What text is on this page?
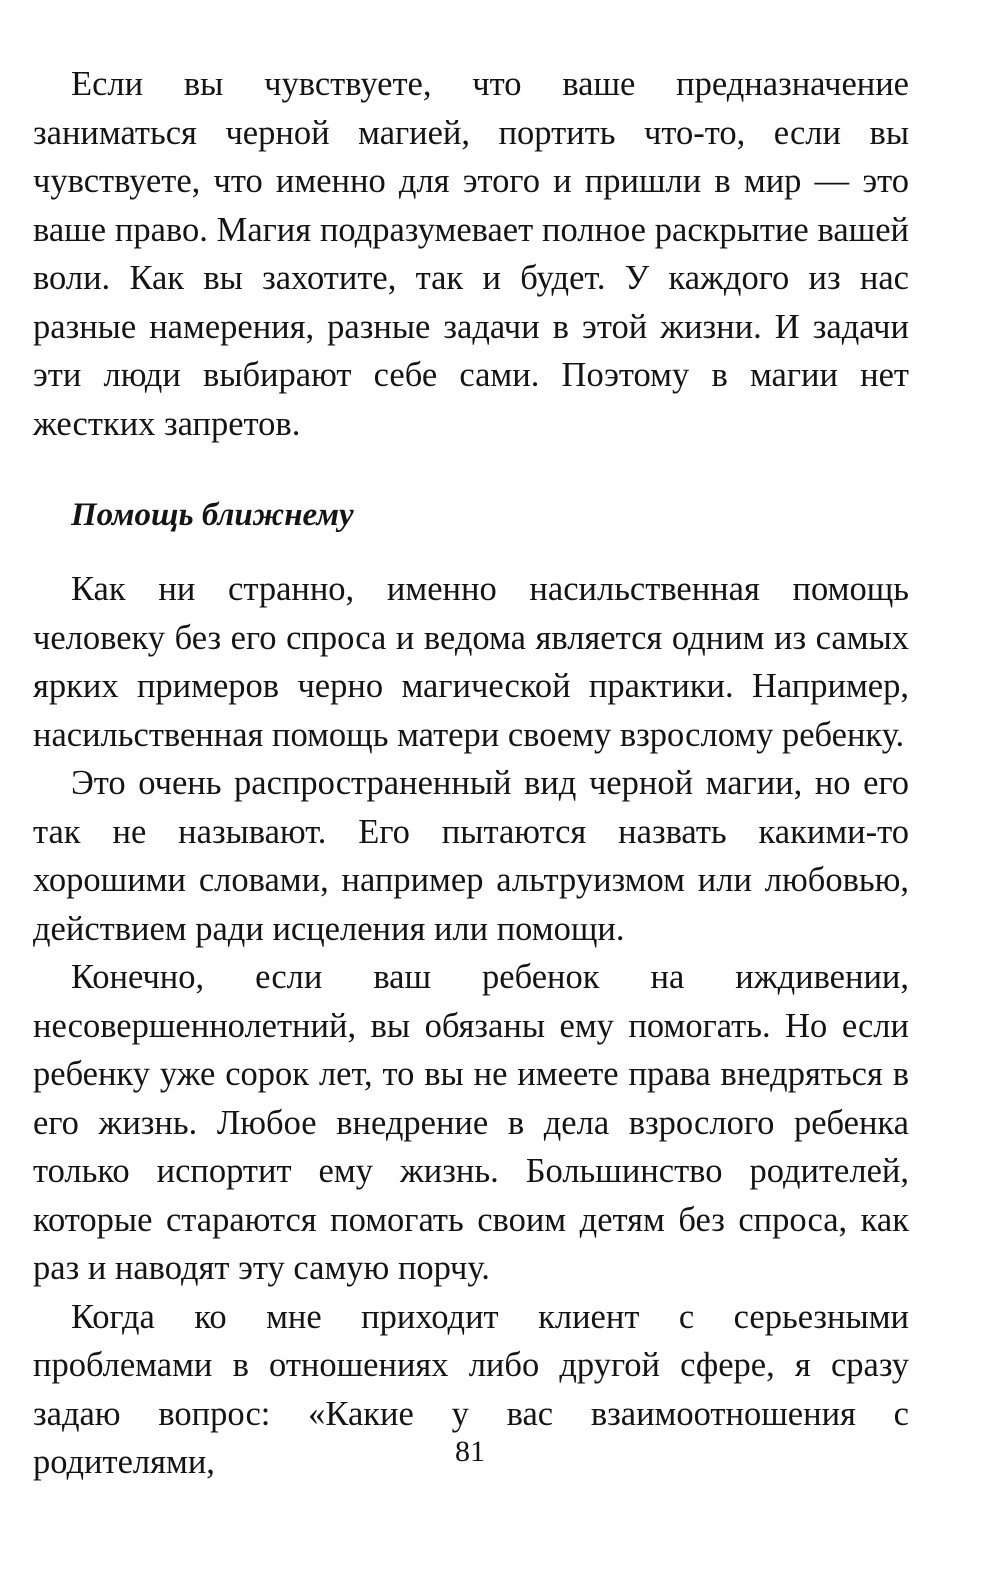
Если вы чувствуете, что ваше предназначение заниматься черной магией, портить что-то, если вы чувствуете, что именно для этого и пришли в мир — это ваше право. Магия подразумевает полное раскрытие вашей воли. Как вы захотите, так и будет. У каждого из нас разные намерения, разные задачи в этой жизни. И задачи эти люди выбирают себе сами. Поэтому в магии нет жестких запретов.

Помощь ближнему

Как ни странно, именно насильственная помощь человеку без его спроса и ведома является одним из самых ярких примеров черно магической практики. Например, насильственная помощь матери своему взрослому ребенку.

Это очень распространенный вид черной магии, но его так не называют. Его пытаются назвать какими-то хорошими словами, например альтруизмом или любовью, действием ради исцеления или помощи.

Конечно, если ваш ребенок на иждивении, несовершеннолетний, вы обязаны ему помогать. Но если ребенку уже сорок лет, то вы не имеете права внедряться в его жизнь. Любое внедрение в дела взрослого ребенка только испортит ему жизнь. Большинство родителей, которые стараются помогать своим детям без спроса, как раз и наводят эту самую порчу.

Когда ко мне приходит клиент с серьезными проблемами в отношениях либо другой сфере, я сразу задаю вопрос: «Какие у вас взаимоотношения с родителями,	81
